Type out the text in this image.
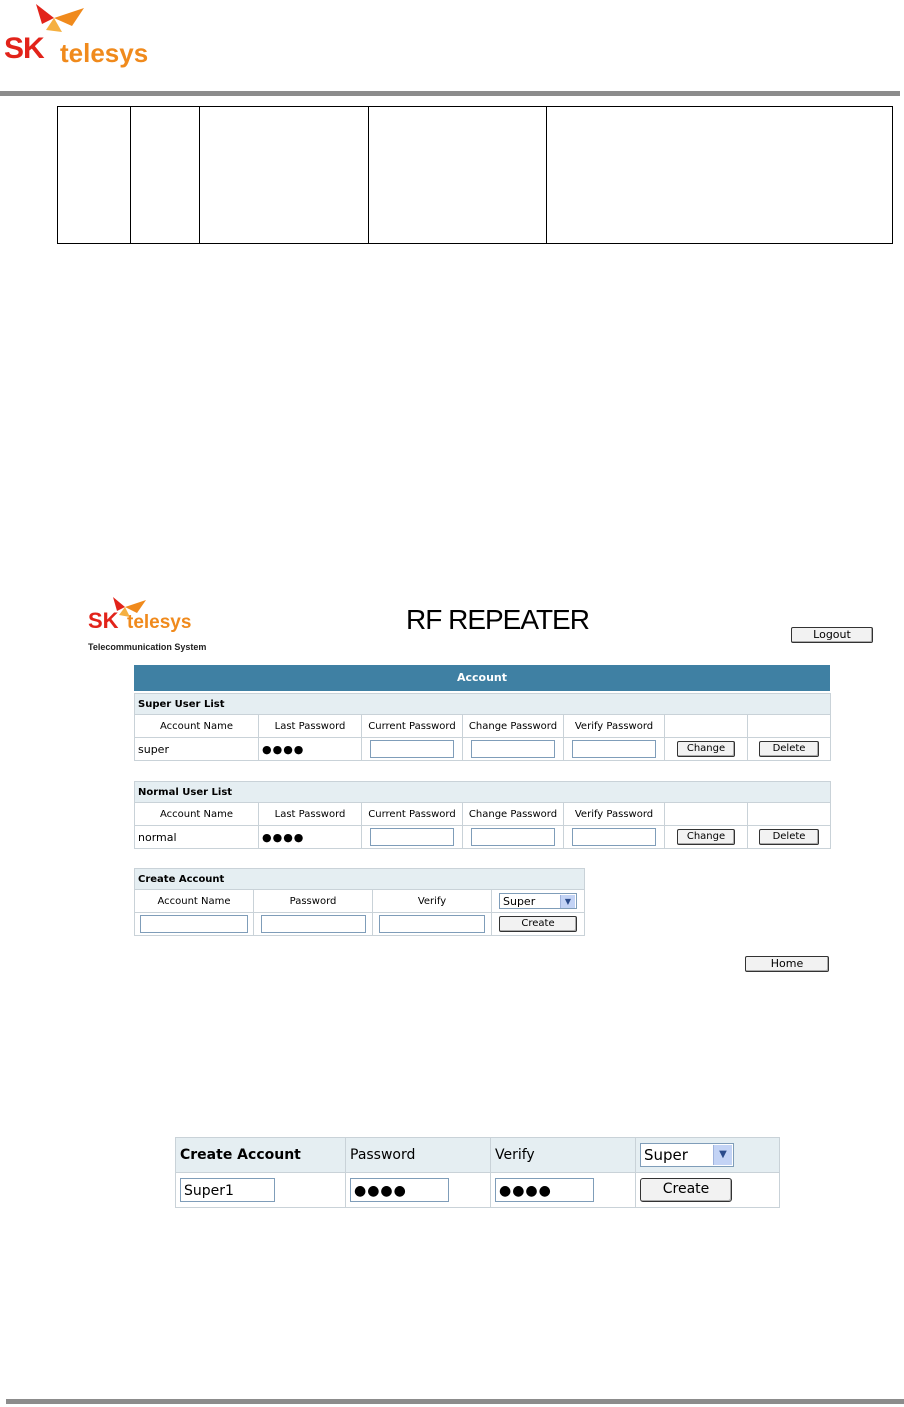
SK telesys

SK telesys
Telecommunication System
RF REPEATER	Logout
Account
Super User List						
Account Name	Last Password	Current Password	Change Password	Verify Password		
super	●●●●				Change	Delete
Normal User List						
Account Name	Last Password	Current Password	Change Password	Verify Password		
normal	●●●●				Change	Delete
Create Account			
Account Name	Password	Verify	Super ▼

			Create
Home
Create Account	Password	Verify	Super ▼

Super1	●●●●	●●●●	Create
